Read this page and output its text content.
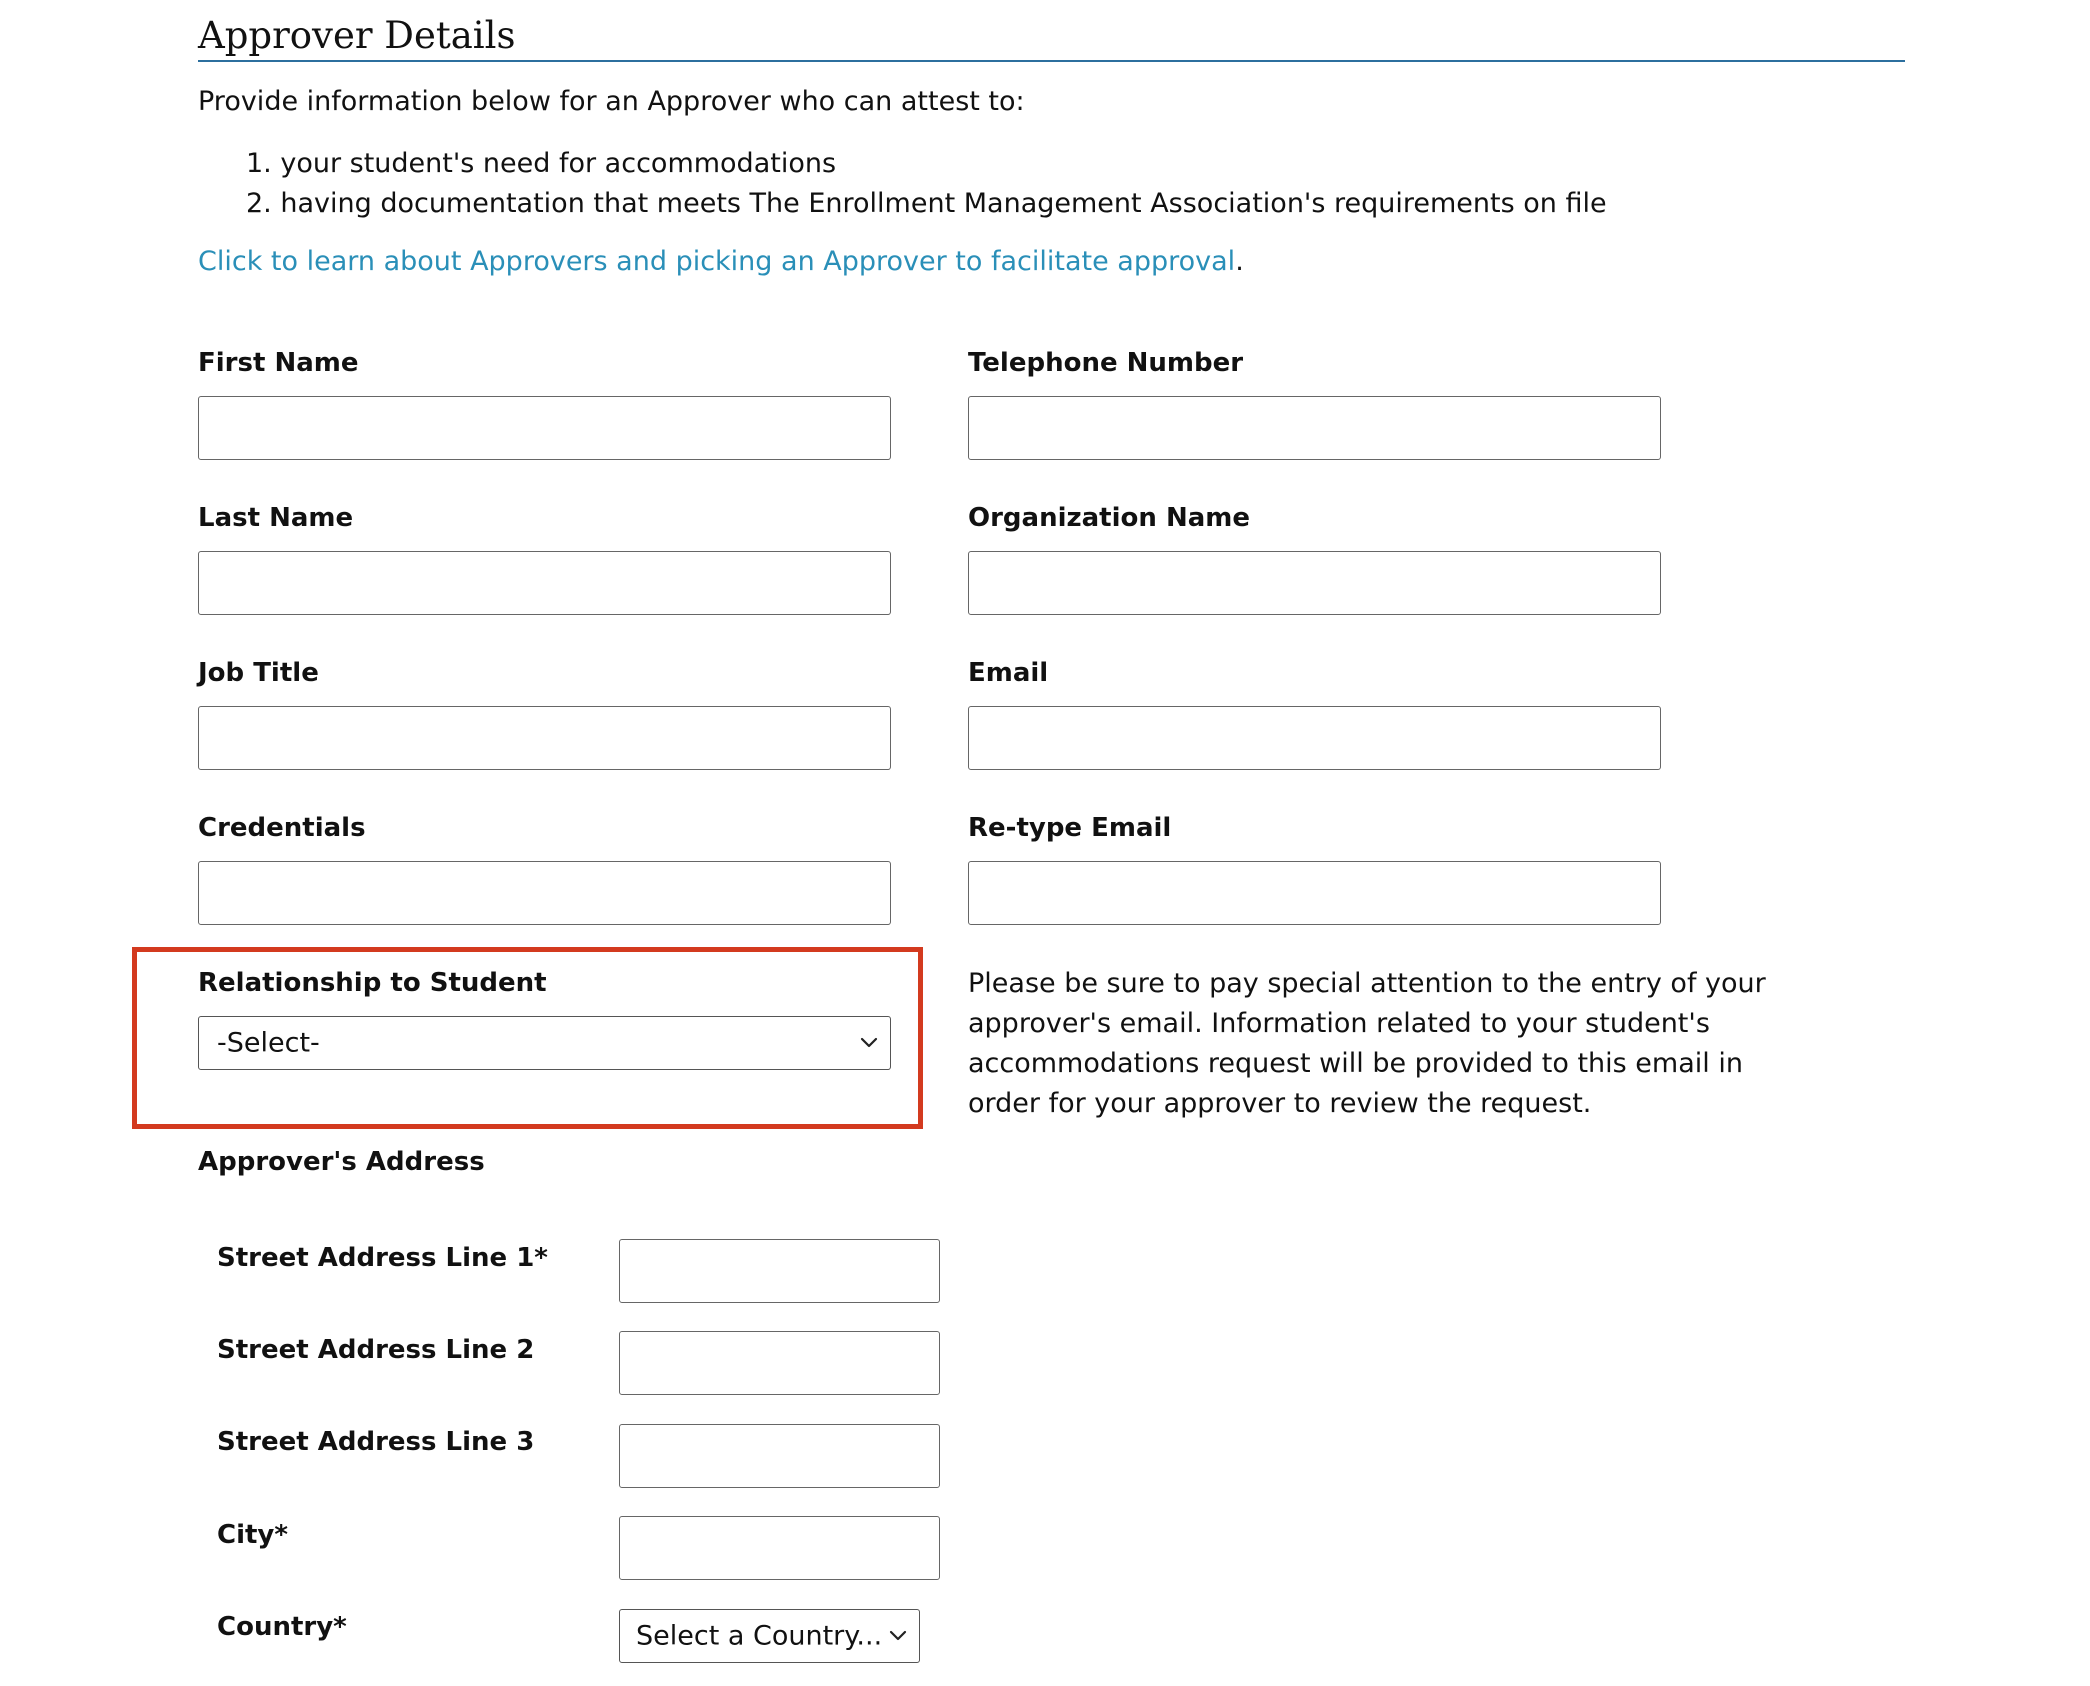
Approver Details
Provide information below for an Approver who can attest to:
1. your student's need for accommodations
2. having documentation that meets The Enrollment Management Association's requirements on file
Click to learn about Approvers and picking an Approver to facilitate approval.
First Name
Last Name
Job Title
Credentials
Telephone Number
Organization Name
Email
Re-type Email
Relationship to Student
-Select-
Please be sure to pay special attention to the entry of your
approver's email. Information related to your student's
accommodations request will be provided to this email in
order for your approver to review the request.
Approver's Address
Street Address Line 1*
Street Address Line 2
Street Address Line 3
City*
Country*	Select a Country...
